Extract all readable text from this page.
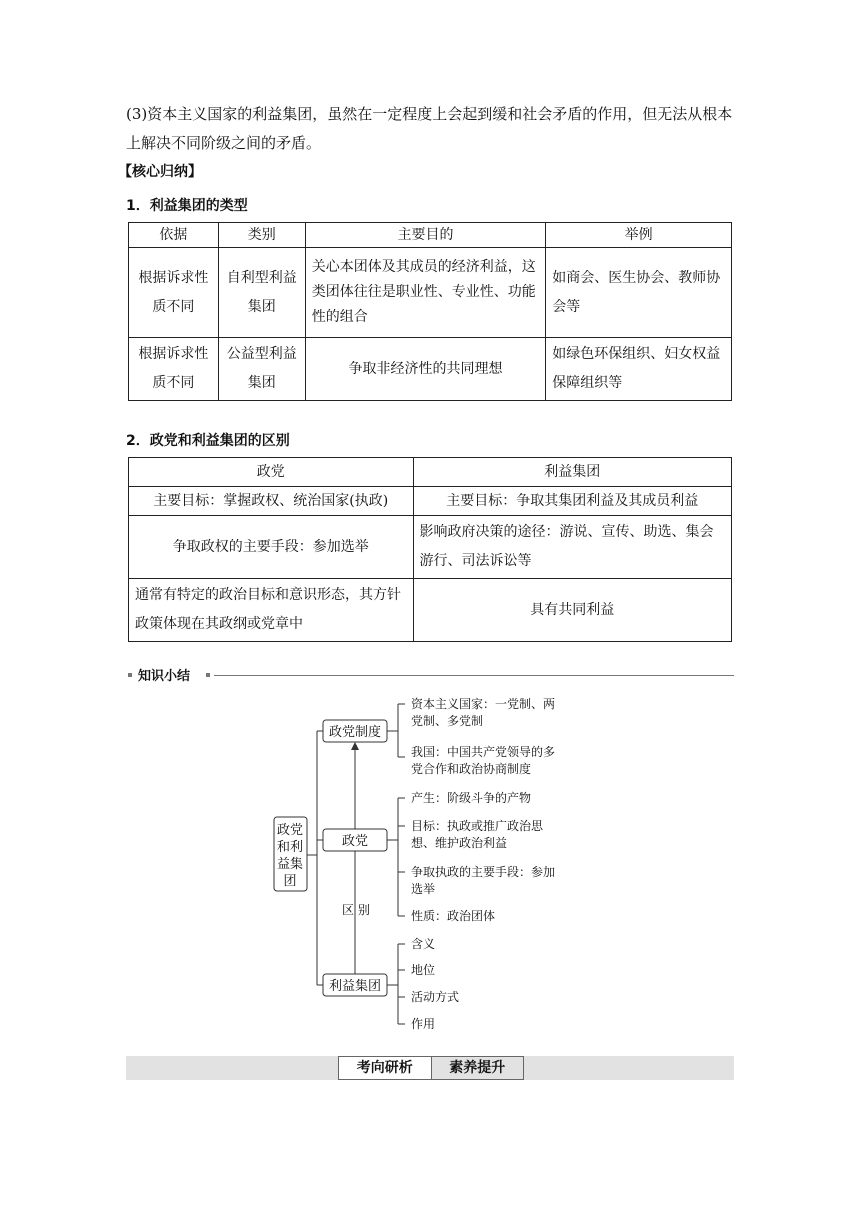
(3)资本主义国家的利益集团，虽然在一定程度上会起到缓和社会矛盾的作用，但无法从根本
上解决不同阶级之间的矛盾。
【核心归纳】
1．利益集团的类型
依据	类别	主要目的	举例
根据诉求性质不同	自利型利益集团	关心本团体及其成员的经济利益，这类团体往往是职业性、专业性、功能性的组合	如商会、医生协会、教师协会等
根据诉求性质不同	公益型利益集团	争取非经济性的共同理想	如绿色环保组织、妇女权益保障组织等
2．政党和利益集团的区别
政党	利益集团
主要目标：掌握政权、统治国家(执政)	主要目标：争取其集团利益及其成员利益
争取政权的主要手段：参加选举	影响政府决策的途径：游说、宣传、助选、集会游行、司法诉讼等
通常有特定的政治目标和意识形态，其方针政策体现在其政纲或党章中	具有共同利益
知识小结
政党
和利
益集
团
政党制度
政党
利益集团
区 别
资本主义国家：一党制、两
党制、多党制
我国：中国共产党领导的多
党合作和政治协商制度
产生：阶级斗争的产物
目标：执政或推广政治思
想、维护政治利益
争取执政的主要手段：参加
选举
性质：政治团体
含义
地位
活动方式
作用
考向研析	素养提升
